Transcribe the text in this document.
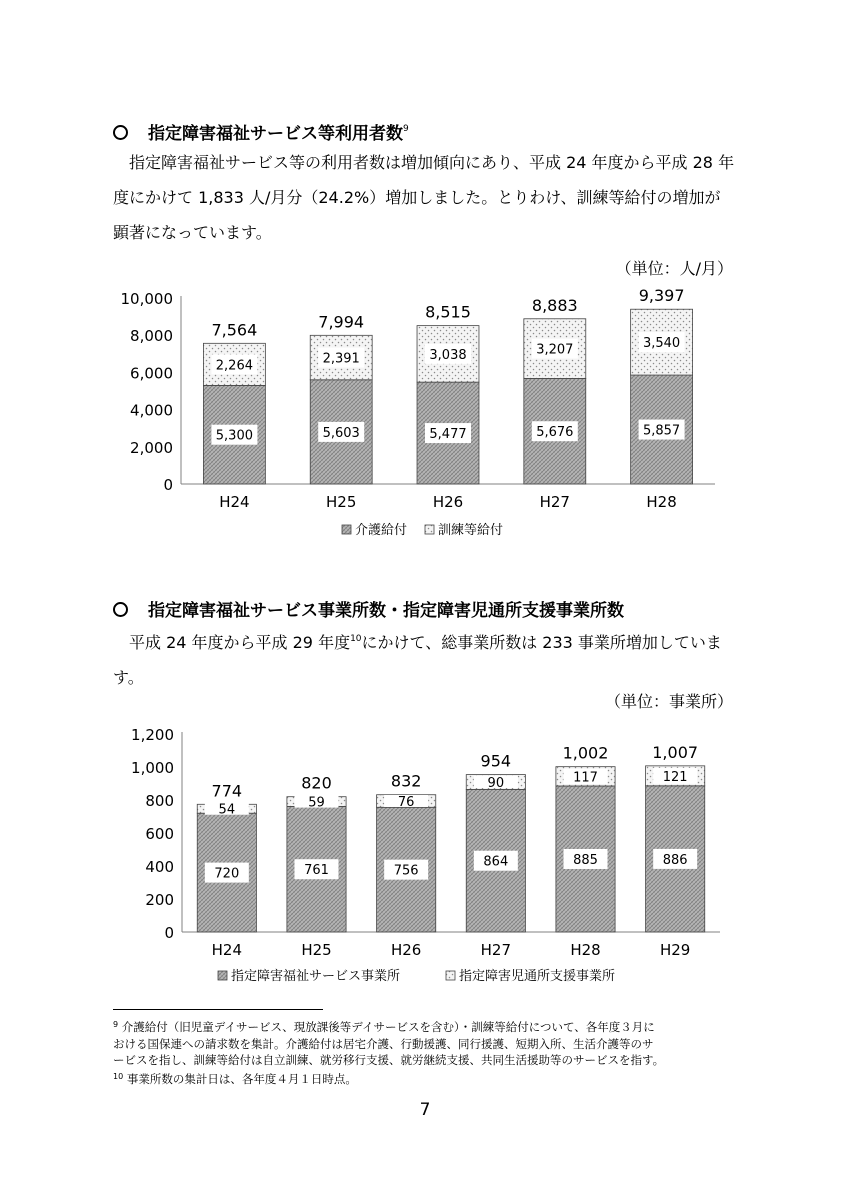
指定障害福祉サービス等利用者数$^9$
指定障害福祉サービス等の利用者数は増加傾向にあり、平成 24 年度から平成 28 年
度にかけて 1,833 人/月分（24.2%）増加しました。とりわけ、訓練等給付の増加が
顕著になっています。
（単位：人/月）
0
2,000
4,000
6,000
8,000
10,000
5,300
2,264
7,564
H24
5,603
2,391
7,994
H25
5,477
3,038
8,515
H26
5,676
3,207
8,883
H27
5,857
3,540
9,397
H28
介護給付 訓練等給付
指定障害福祉サービス事業所数・指定障害児通所支援事業所数
平成 24 年度から平成 29 年度$^{10}$にかけて、総事業所数は 233 事業所増加していま
す。
（単位：事業所）
0
200
400
600
800
1,000
1,200
720
54
774
H24
761
59
820
H25
756
76
832
H26
864
90
954
H27
885
117
1,002
H28
886
121
1,007
H29
指定障害福祉サービス事業所	指定障害児通所支援事業所
$^9$ 介護給付（旧児童デイサービス、現放課後等デイサービスを含む）・訓練等給付について、各年度３月に
おける国保連への請求数を集計。介護給付は居宅介護、行動援護、同行援護、短期入所、生活介護等のサ
ービスを指し、訓練等給付は自立訓練、就労移行支援、就労継続支援、共同生活援助等のサービスを指す。
$^{10}$ 事業所数の集計日は、各年度４月１日時点。
7
